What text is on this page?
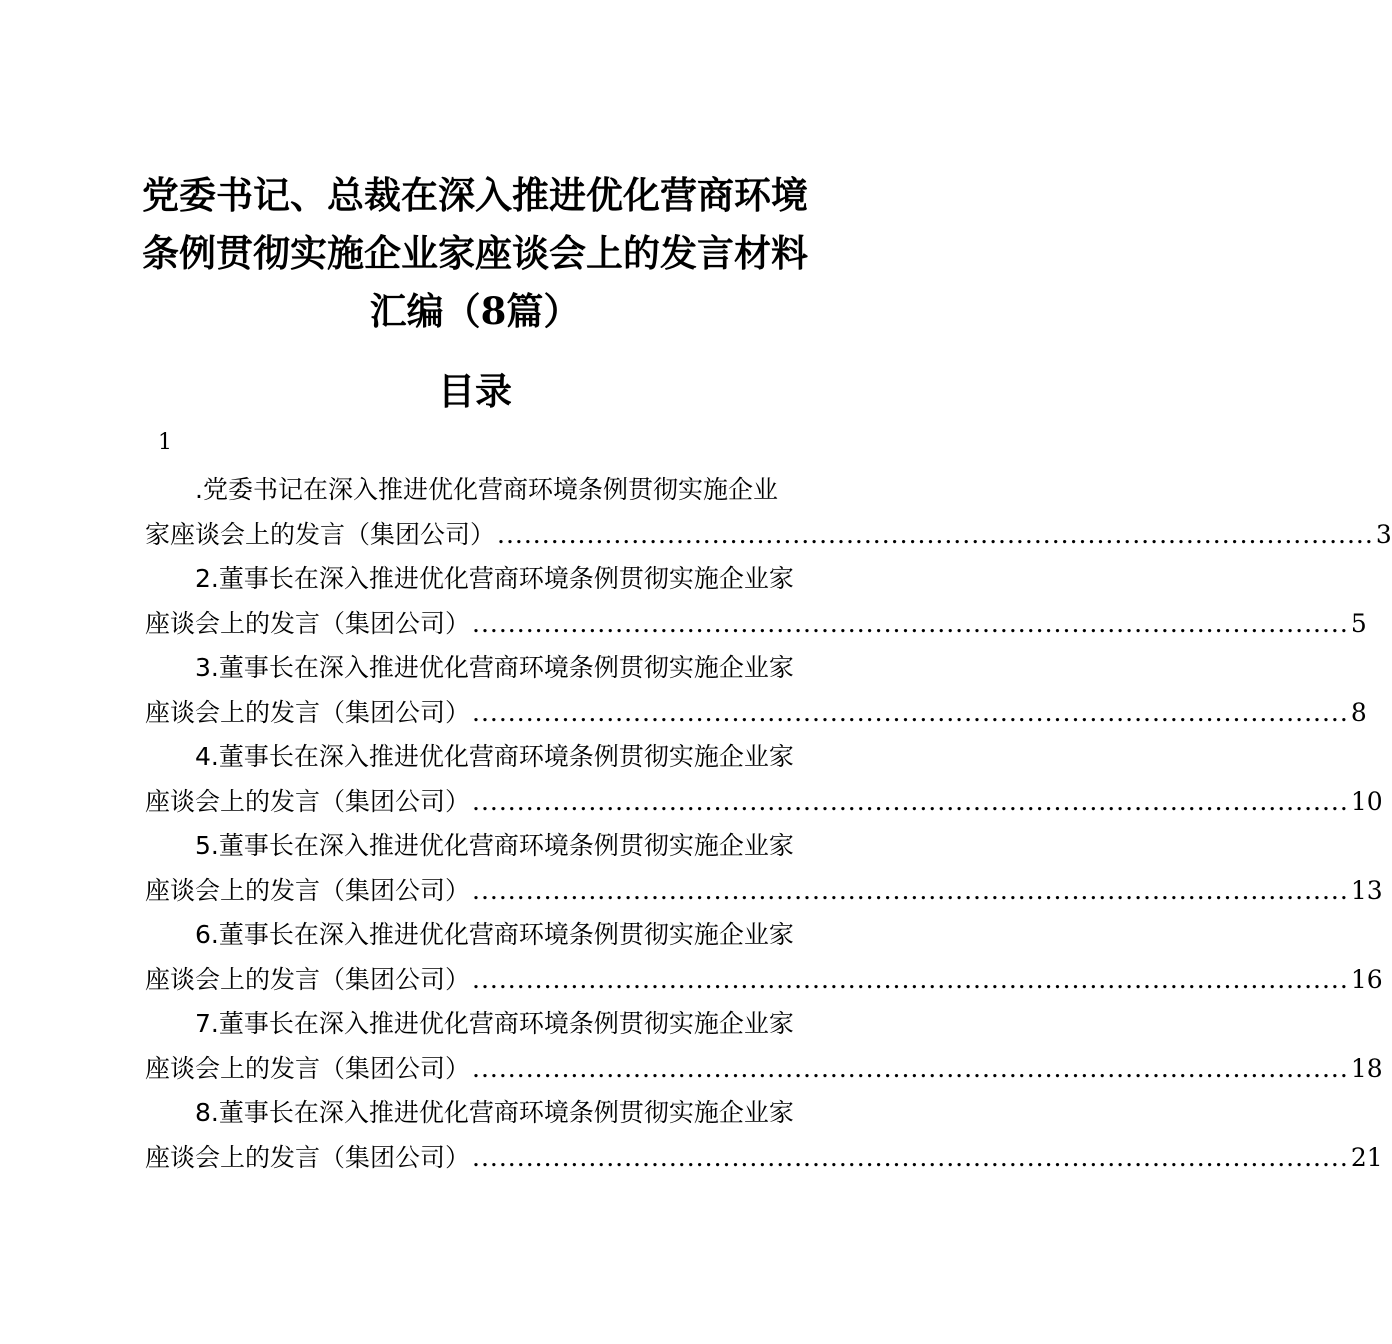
党委书记、总裁在深入推进优化营商环境
条例贯彻实施企业家座谈会上的发言材料
汇编（8篇）
目录
1
.党委书记在深入推进优化营商环境条例贯彻实施企业
家座谈会上的发言（集团公司） .................................................................................................. 3
2.董事长在深入推进优化营商环境条例贯彻实施企业家
座谈会上的发言（集团公司） .................................................................................................. 5
3.董事长在深入推进优化营商环境条例贯彻实施企业家
座谈会上的发言（集团公司） .................................................................................................. 8
4.董事长在深入推进优化营商环境条例贯彻实施企业家
座谈会上的发言（集团公司） .................................................................................................. 10
5.董事长在深入推进优化营商环境条例贯彻实施企业家
座谈会上的发言（集团公司） .................................................................................................. 13
6.董事长在深入推进优化营商环境条例贯彻实施企业家
座谈会上的发言（集团公司） .................................................................................................. 16
7.董事长在深入推进优化营商环境条例贯彻实施企业家
座谈会上的发言（集团公司） .................................................................................................. 18
8.董事长在深入推进优化营商环境条例贯彻实施企业家
座谈会上的发言（集团公司） .................................................................................................. 21
